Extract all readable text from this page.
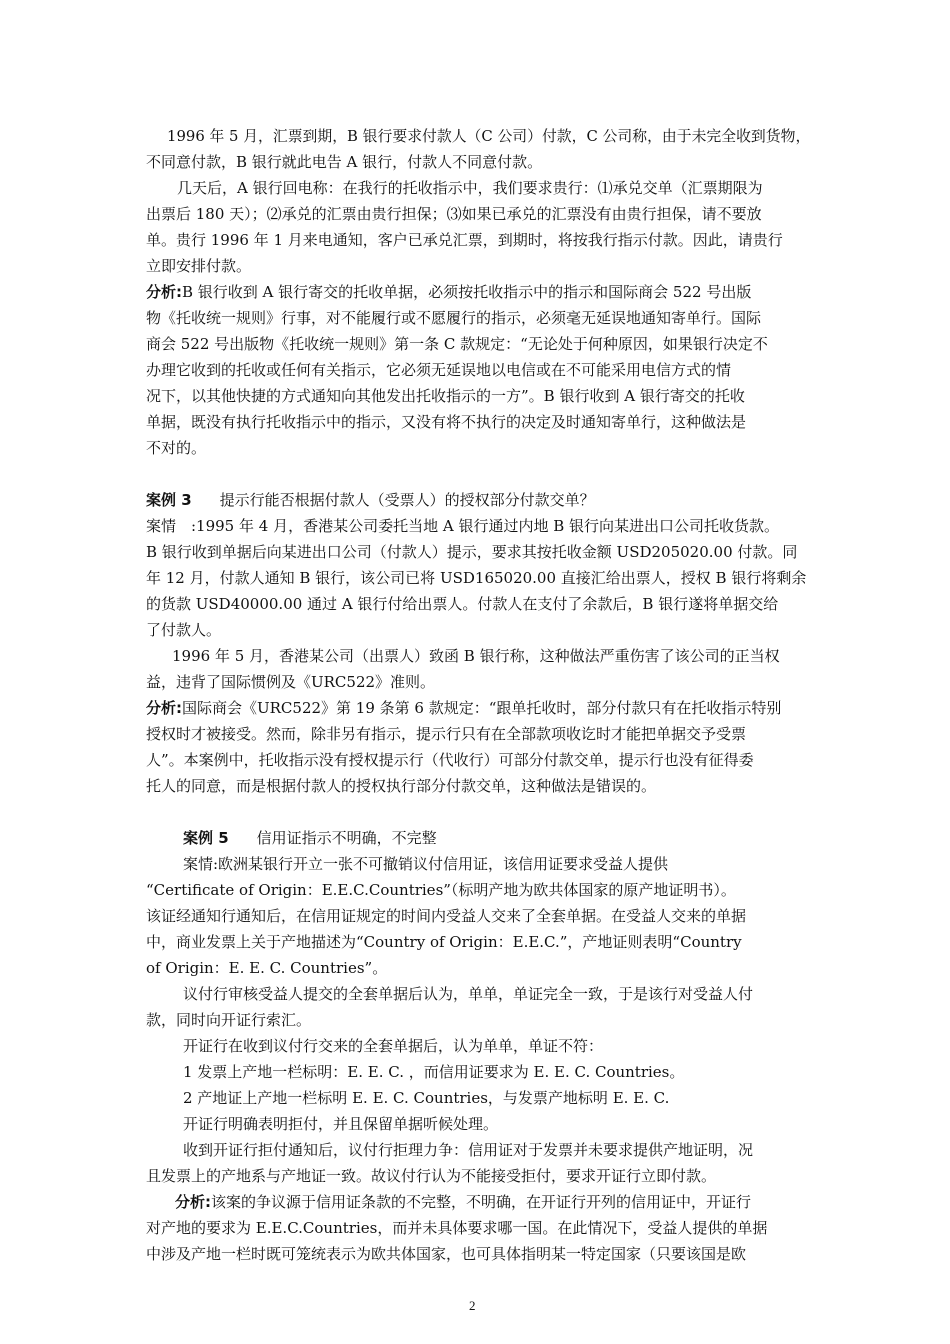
1996 年 5 月，汇票到期，B 银行要求付款人（C 公司）付款，C 公司称，由于未完全收到货物，
不同意付款，B 银行就此电告 A 银行，付款人不同意付款。
几天后，A 银行回电称：在我行的托收指示中，我们要求贵行：⑴承兑交单（汇票期限为
出票后 180 天）；⑵承兑的汇票由贵行担保；⑶如果已承兑的汇票没有由贵行担保，请不要放
单。贵行 1996 年 1 月来电通知，客户已承兑汇票，到期时，将按我行指示付款。因此，请贵行
立即安排付款。
分析:B 银行收到 A 银行寄交的托收单据，必须按托收指示中的指示和国际商会 522 号出版
物《托收统一规则》行事，对不能履行或不愿履行的指示，必须毫无延误地通知寄单行。国际
商会 522 号出版物《托收统一规则》第一条 C 款规定：“无论处于何种原因，如果银行决定不
办理它收到的托收或任何有关指示，它必须无延误地以电信或在不可能采用电信方式的情
况下，以其他快捷的方式通知向其他发出托收指示的一方”。B 银行收到 A 银行寄交的托收
单据，既没有执行托收指示中的指示，又没有将不执行的决定及时通知寄单行，这种做法是
不对的。
案例 3 提示行能否根据付款人（受票人）的授权部分付款交单？
案情　:1995 年 4 月，香港某公司委托当地 A 银行通过内地 B 银行向某进出口公司托收货款。
B 银行收到单据后向某进出口公司（付款人）提示，要求其按托收金额 USD205020.00 付款。同
年 12 月，付款人通知 B 银行，该公司已将 USD165020.00 直接汇给出票人，授权 B 银行将剩余
的货款 USD40000.00 通过 A 银行付给出票人。付款人在支付了余款后，B 银行遂将单据交给
了付款人。
1996 年 5 月，香港某公司（出票人）致函 B 银行称，这种做法严重伤害了该公司的正当权
益，违背了国际惯例及《URC522》准则。
分析:国际商会《URC522》第 19 条第 6 款规定：“跟单托收时，部分付款只有在托收指示特别
授权时才被接受。然而，除非另有指示，提示行只有在全部款项收讫时才能把单据交予受票
人”。本案例中，托收指示没有授权提示行（代收行）可部分付款交单，提示行也没有征得委
托人的同意，而是根据付款人的授权执行部分付款交单，这种做法是错误的。
案例 5 信用证指示不明确，不完整
案情:欧洲某银行开立一张不可撤销议付信用证，该信用证要求受益人提供
“Certificate of Origin：E.E.C.Countries”（标明产地为欧共体国家的原产地证明书）。
该证经通知行通知后，在信用证规定的时间内受益人交来了全套单据。在受益人交来的单据
中，商业发票上关于产地描述为“Country of Origin：E.E.C.”，产地证则表明“Country
of Origin：E. E. C. Countries”。
议付行审核受益人提交的全套单据后认为，单单，单证完全一致，于是该行对受益人付
款，同时向开证行索汇。
开证行在收到议付行交来的全套单据后，认为单单，单证不符：
1 发票上产地一栏标明：E. E. C. ，而信用证要求为 E. E. C. Countries。
2 产地证上产地一栏标明 E. E. C. Countries，与发票产地标明 E. E. C.
开证行明确表明拒付，并且保留单据听候处理。
收到开证行拒付通知后，议付行拒理力争：信用证对于发票并未要求提供产地证明，况
且发票上的产地系与产地证一致。故议付行认为不能接受拒付，要求开证行立即付款。
分析:该案的争议源于信用证条款的不完整，不明确，在开证行开列的信用证中，开证行
对产地的要求为 E.E.C.Countries，而并未具体要求哪一国。在此情况下，受益人提供的单据
中涉及产地一栏时既可笼统表示为欧共体国家，也可具体指明某一特定国家（只要该国是欧
2
